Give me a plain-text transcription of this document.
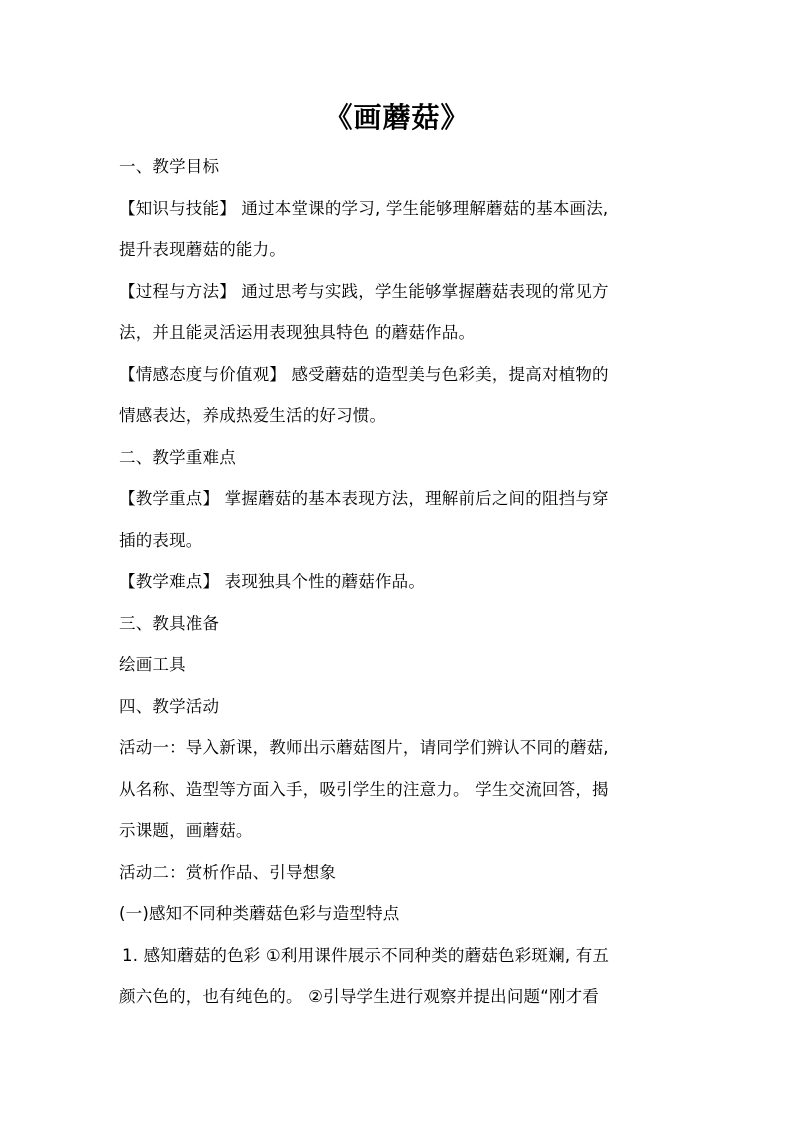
《画蘑菇》
一、教学目标
【知识与技能】 通过本堂课的学习, 学生能够理解蘑菇的基本画法,
提升表现蘑菇的能力。
【过程与方法】 通过思考与实践，学生能够掌握蘑菇表现的常见方
法，并且能灵活运用表现独具特色 的蘑菇作品。
【情感态度与价值观】 感受蘑菇的造型美与色彩美，提高对植物的
情感表达，养成热爱生活的好习惯。
二、教学重难点
【教学重点】 掌握蘑菇的基本表现方法，理解前后之间的阻挡与穿
插的表现。
【教学难点】 表现独具个性的蘑菇作品。
三、教具准备
绘画工具
四、教学活动
活动一：导入新课，教师出示蘑菇图片，请同学们辨认不同的蘑菇,
从名称、造型等方面入手，吸引学生的注意力。 学生交流回答，揭
示课题，画蘑菇。
活动二：赏析作品、引导想象
(一)感知不同种类蘑菇色彩与造型特点
1. 感知蘑菇的色彩 ①利用课件展示不同种类的蘑菇色彩斑斓, 有五
颜六色的，也有纯色的。 ②引导学生进行观察并提出问题“刚才看
